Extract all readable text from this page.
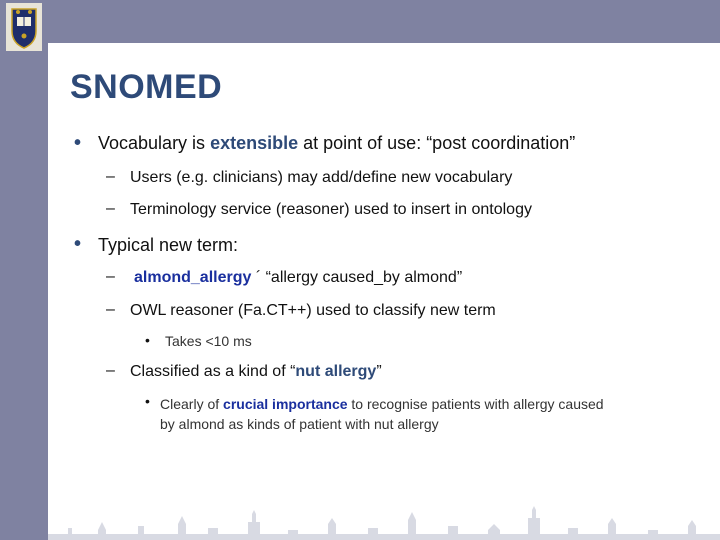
SNOMED
• Vocabulary is extensible at point of use: “post coordination”
– Users (e.g. clinicians) may add/define new vocabulary
– Terminology service (reasoner) used to insert in ontology
• Typical new term:
– almond_allergy ´ “allergy caused_by almond”
– OWL reasoner (Fa.CT++) used to classify new term
• Takes <10 ms
– Classified as a kind of “nut allergy”
• Clearly of crucial importance to recognise patients with allergy caused
by almond as kinds of patient with nut allergy
